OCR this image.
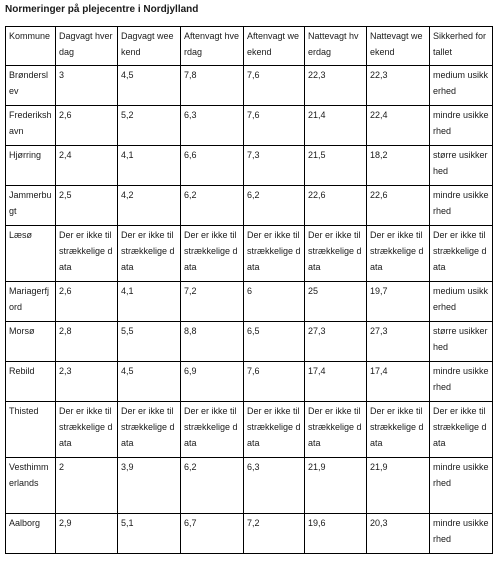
Normeringer på plejecentre i Nordjylland
Kommune	Dagvagt hverdag	Dagvagt weekend	Aftenvagt hverdag	Aftenvagt weekend	Nattevagt hverdag	Nattevagt weekend	Sikkerhed for tallet
Brønderslev	3	4,5	7,8	7,6	22,3	22,3	medium usikkerhed
Frederikshavn	2,6	5,2	6,3	7,6	21,4	22,4	mindre usikkerhed
Hjørring	2,4	4,1	6,6	7,3	21,5	18,2	større usikkerhed
Jammerbugt	2,5	4,2	6,2	6,2	22,6	22,6	mindre usikkerhed
Læsø	Der er ikke tilstrækkelige data	Der er ikke tilstrækkelige data	Der er ikke tilstrækkelige data	Der er ikke tilstrækkelige data	Der er ikke tilstrækkelige data	Der er ikke tilstrækkelige data	Der er ikke tilstrækkelige data
Mariagerfjord	2,6	4,1	7,2	6	25	19,7	medium usikkerhed
Morsø	2,8	5,5	8,8	6,5	27,3	27,3	større usikkerhed
Rebild	2,3	4,5	6,9	7,6	17,4	17,4	mindre usikkerhed
Thisted	Der er ikke tilstrækkelige data	Der er ikke tilstrækkelige data	Der er ikke tilstrækkelige data	Der er ikke tilstrækkelige data	Der er ikke tilstrækkelige data	Der er ikke tilstrækkelige data	Der er ikke tilstrækkelige data
Vesthimmerlands	2	3,9	6,2	6,3	21,9	21,9	mindre usikkerhed
Aalborg	2,9	5,1	6,7	7,2	19,6	20,3	mindre usikkerhed
